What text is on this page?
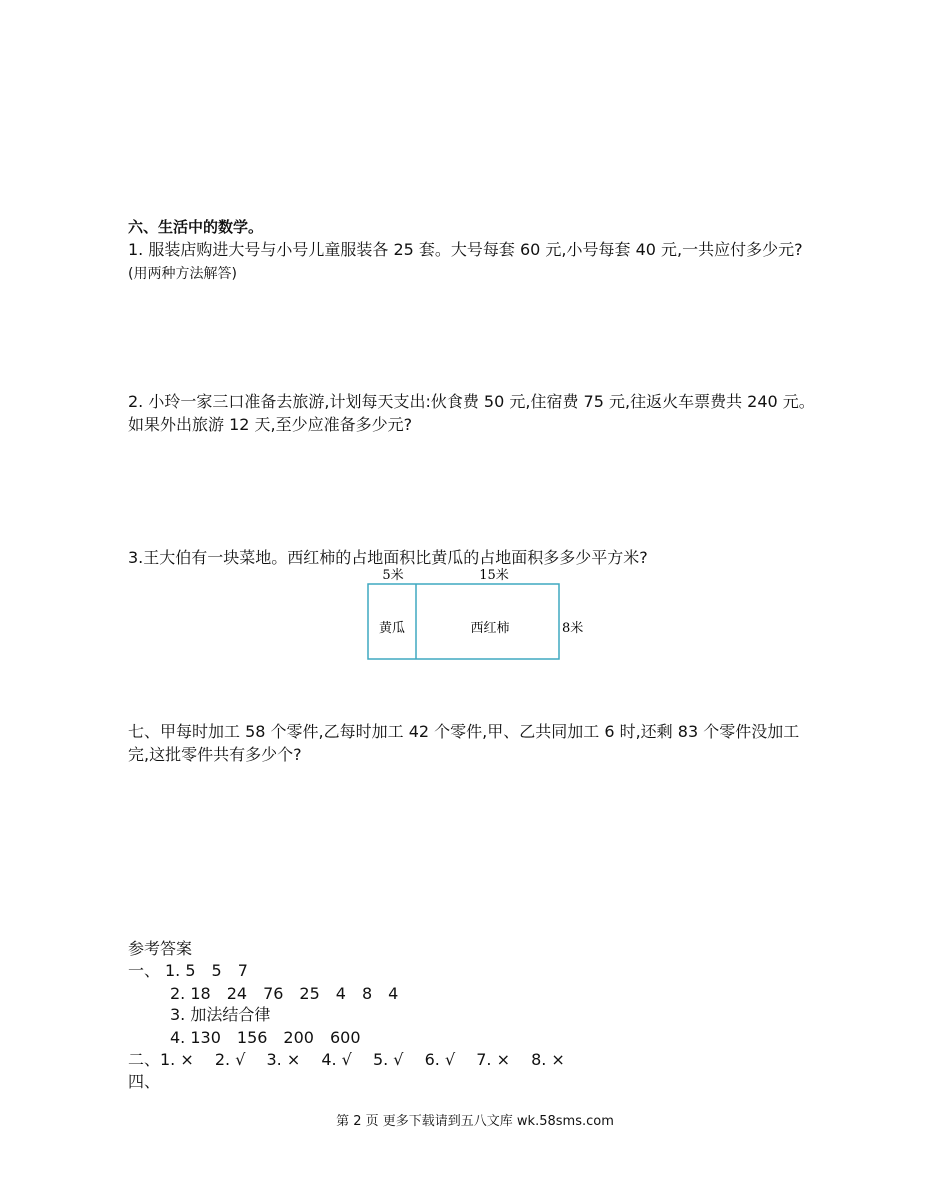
六、生活中的数学。
1. 服装店购进大号与小号儿童服装各 25 套。大号每套 60 元,小号每套 40 元,一共应付多少元?
(用两种方法解答)
2. 小玲一家三口准备去旅游,计划每天支出:伙食费 50 元,住宿费 75 元,往返火车票费共 240 元。
如果外出旅游 12 天,至少应准备多少元?
3.王大伯有一块菜地。西红柿的占地面积比黄瓜的占地面积多多少平方米?
5米	15米
黄瓜	西红柿	8米
七、甲每时加工 58 个零件,乙每时加工 42 个零件,甲、乙共同加工 6 时,还剩 83 个零件没加工
完,这批零件共有多少个?
参考答案
一、 1. 5　5　7
2. 18　24　76　25　4　8　4
3. 加法结合律
4. 130　156　200　600
二、1. ×　 2. √　 3. ×　 4. √　 5. √　 6. √　 7. ×　 8. ×
四、
第 2 页 更多下载请到五八文库 wk.58sms.com
